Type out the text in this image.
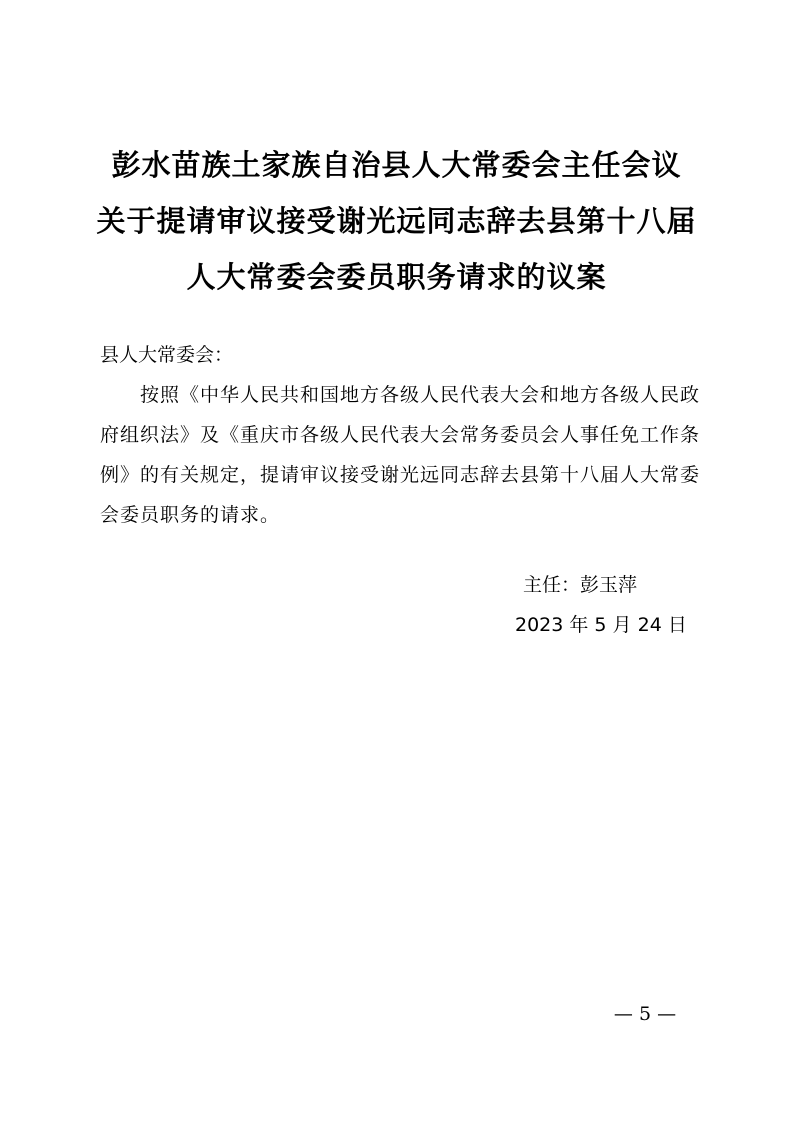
彭水苗族土家族自治县人大常委会主任会议
关于提请审议接受谢光远同志辞去县第十八届
人大常委会委员职务请求的议案
县人大常委会：

按照《中华人民共和国地方各级人民代表大会和地方各级人民政府组织法》及《重庆市各级人民代表大会常务委员会人事任免工作条例》的有关规定，提请审议接受谢光远同志辞去县第十八届人大常委会委员职务的请求。

主任：彭玉萍
2023 年 5 月 24 日
— 5 —
